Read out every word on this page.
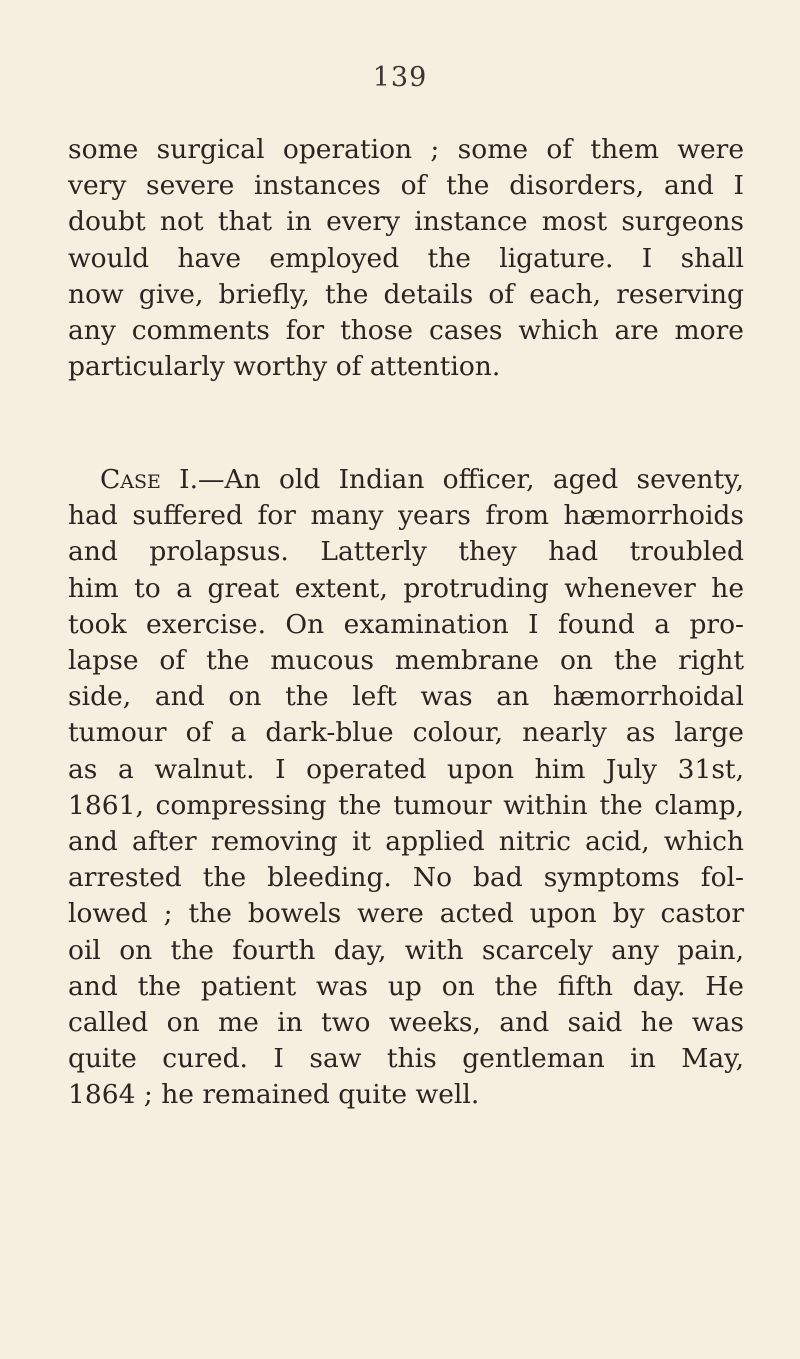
139
some surgical operation ; some of them were
very severe instances of the disorders, and I
doubt not that in every instance most surgeons
would have employed the ligature. I shall
now give, briefly, the details of each, reserving
any comments for those cases which are more
particularly worthy of attention.
Case I.—An old Indian officer, aged seventy,
had suffered for many years from hæmorrhoids
and prolapsus. Latterly they had troubled
him to a great extent, protruding whenever he
took exercise. On examination I found a pro-
lapse of the mucous membrane on the right
side, and on the left was an hæmorrhoidal
tumour of a dark-blue colour, nearly as large
as a walnut. I operated upon him July 31st,
1861, compressing the tumour within the clamp,
and after removing it applied nitric acid, which
arrested the bleeding. No bad symptoms fol-
lowed ; the bowels were acted upon by castor
oil on the fourth day, with scarcely any pain,
and the patient was up on the fifth day. He
called on me in two weeks, and said he was
quite cured. I saw this gentleman in May,
1864 ; he remained quite well.
